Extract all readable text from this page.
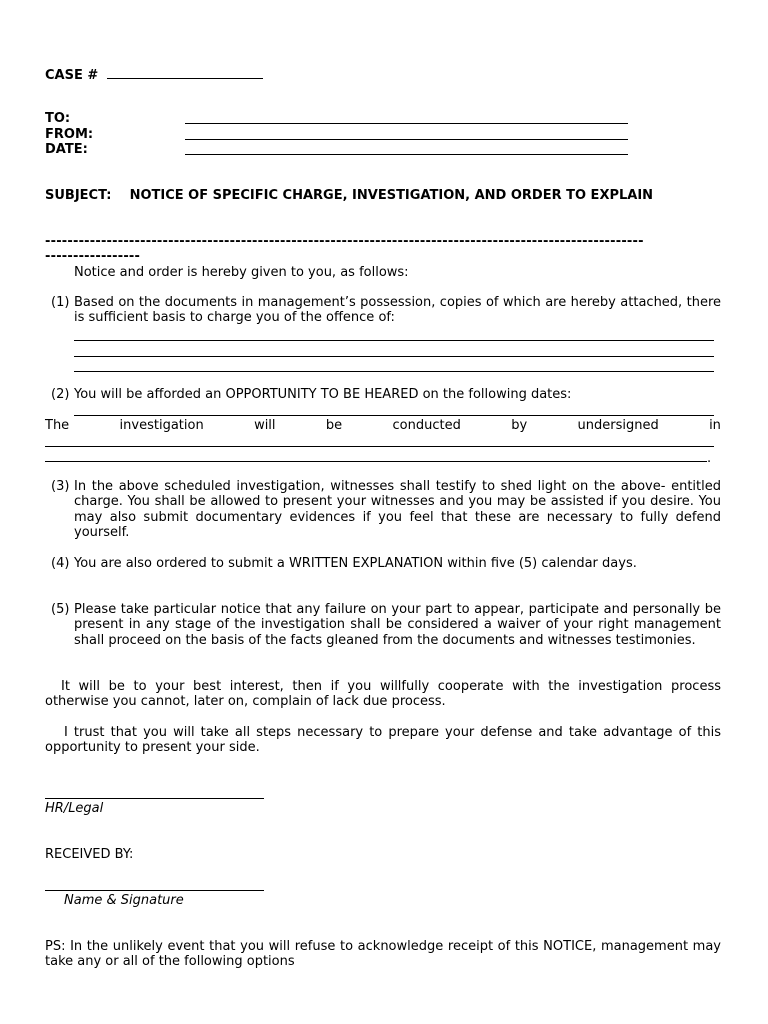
CASE #
TO:
FROM:
DATE:
SUBJECT: NOTICE OF SPECIFIC CHARGE, INVESTIGATION, AND ORDER TO EXPLAIN
-----------------------------------------------------------------------------------------------------------
-----------------
Notice and order is hereby given to you, as follows:
(1) Based on the documents in management’s possession, copies of which are hereby attached, there is sufficient basis to charge you of the offence of:
(2) You will be afforded an OPPORTUNITY TO BE HEARED on the following dates:
The	investigation	will	be	conducted	by	undersigned	in
.
(3) In the above scheduled investigation, witnesses shall testify to shed light on the above- entitled charge. You shall be allowed to present your witnesses and you may be assisted if you desire. You may also submit documentary evidences if you feel that these are necessary to fully defend yourself.
(4) You are also ordered to submit a WRITTEN EXPLANATION within five (5) calendar days.
(5) Please take particular notice that any failure on your part to appear, participate and personally be present in any stage of the investigation shall be considered a waiver of your right management shall proceed on the basis of the facts gleaned from the documents and witnesses testimonies.
It will be to your best interest, then if you willfully cooperate with the investigation process otherwise you cannot, later on, complain of lack due process.
I trust that you will take all steps necessary to prepare your defense and take advantage of this opportunity to present your side.
HR/Legal
RECEIVED BY:
Name & Signature
PS: In the unlikely event that you will refuse to acknowledge receipt of this NOTICE, management may take any or all of the following options
